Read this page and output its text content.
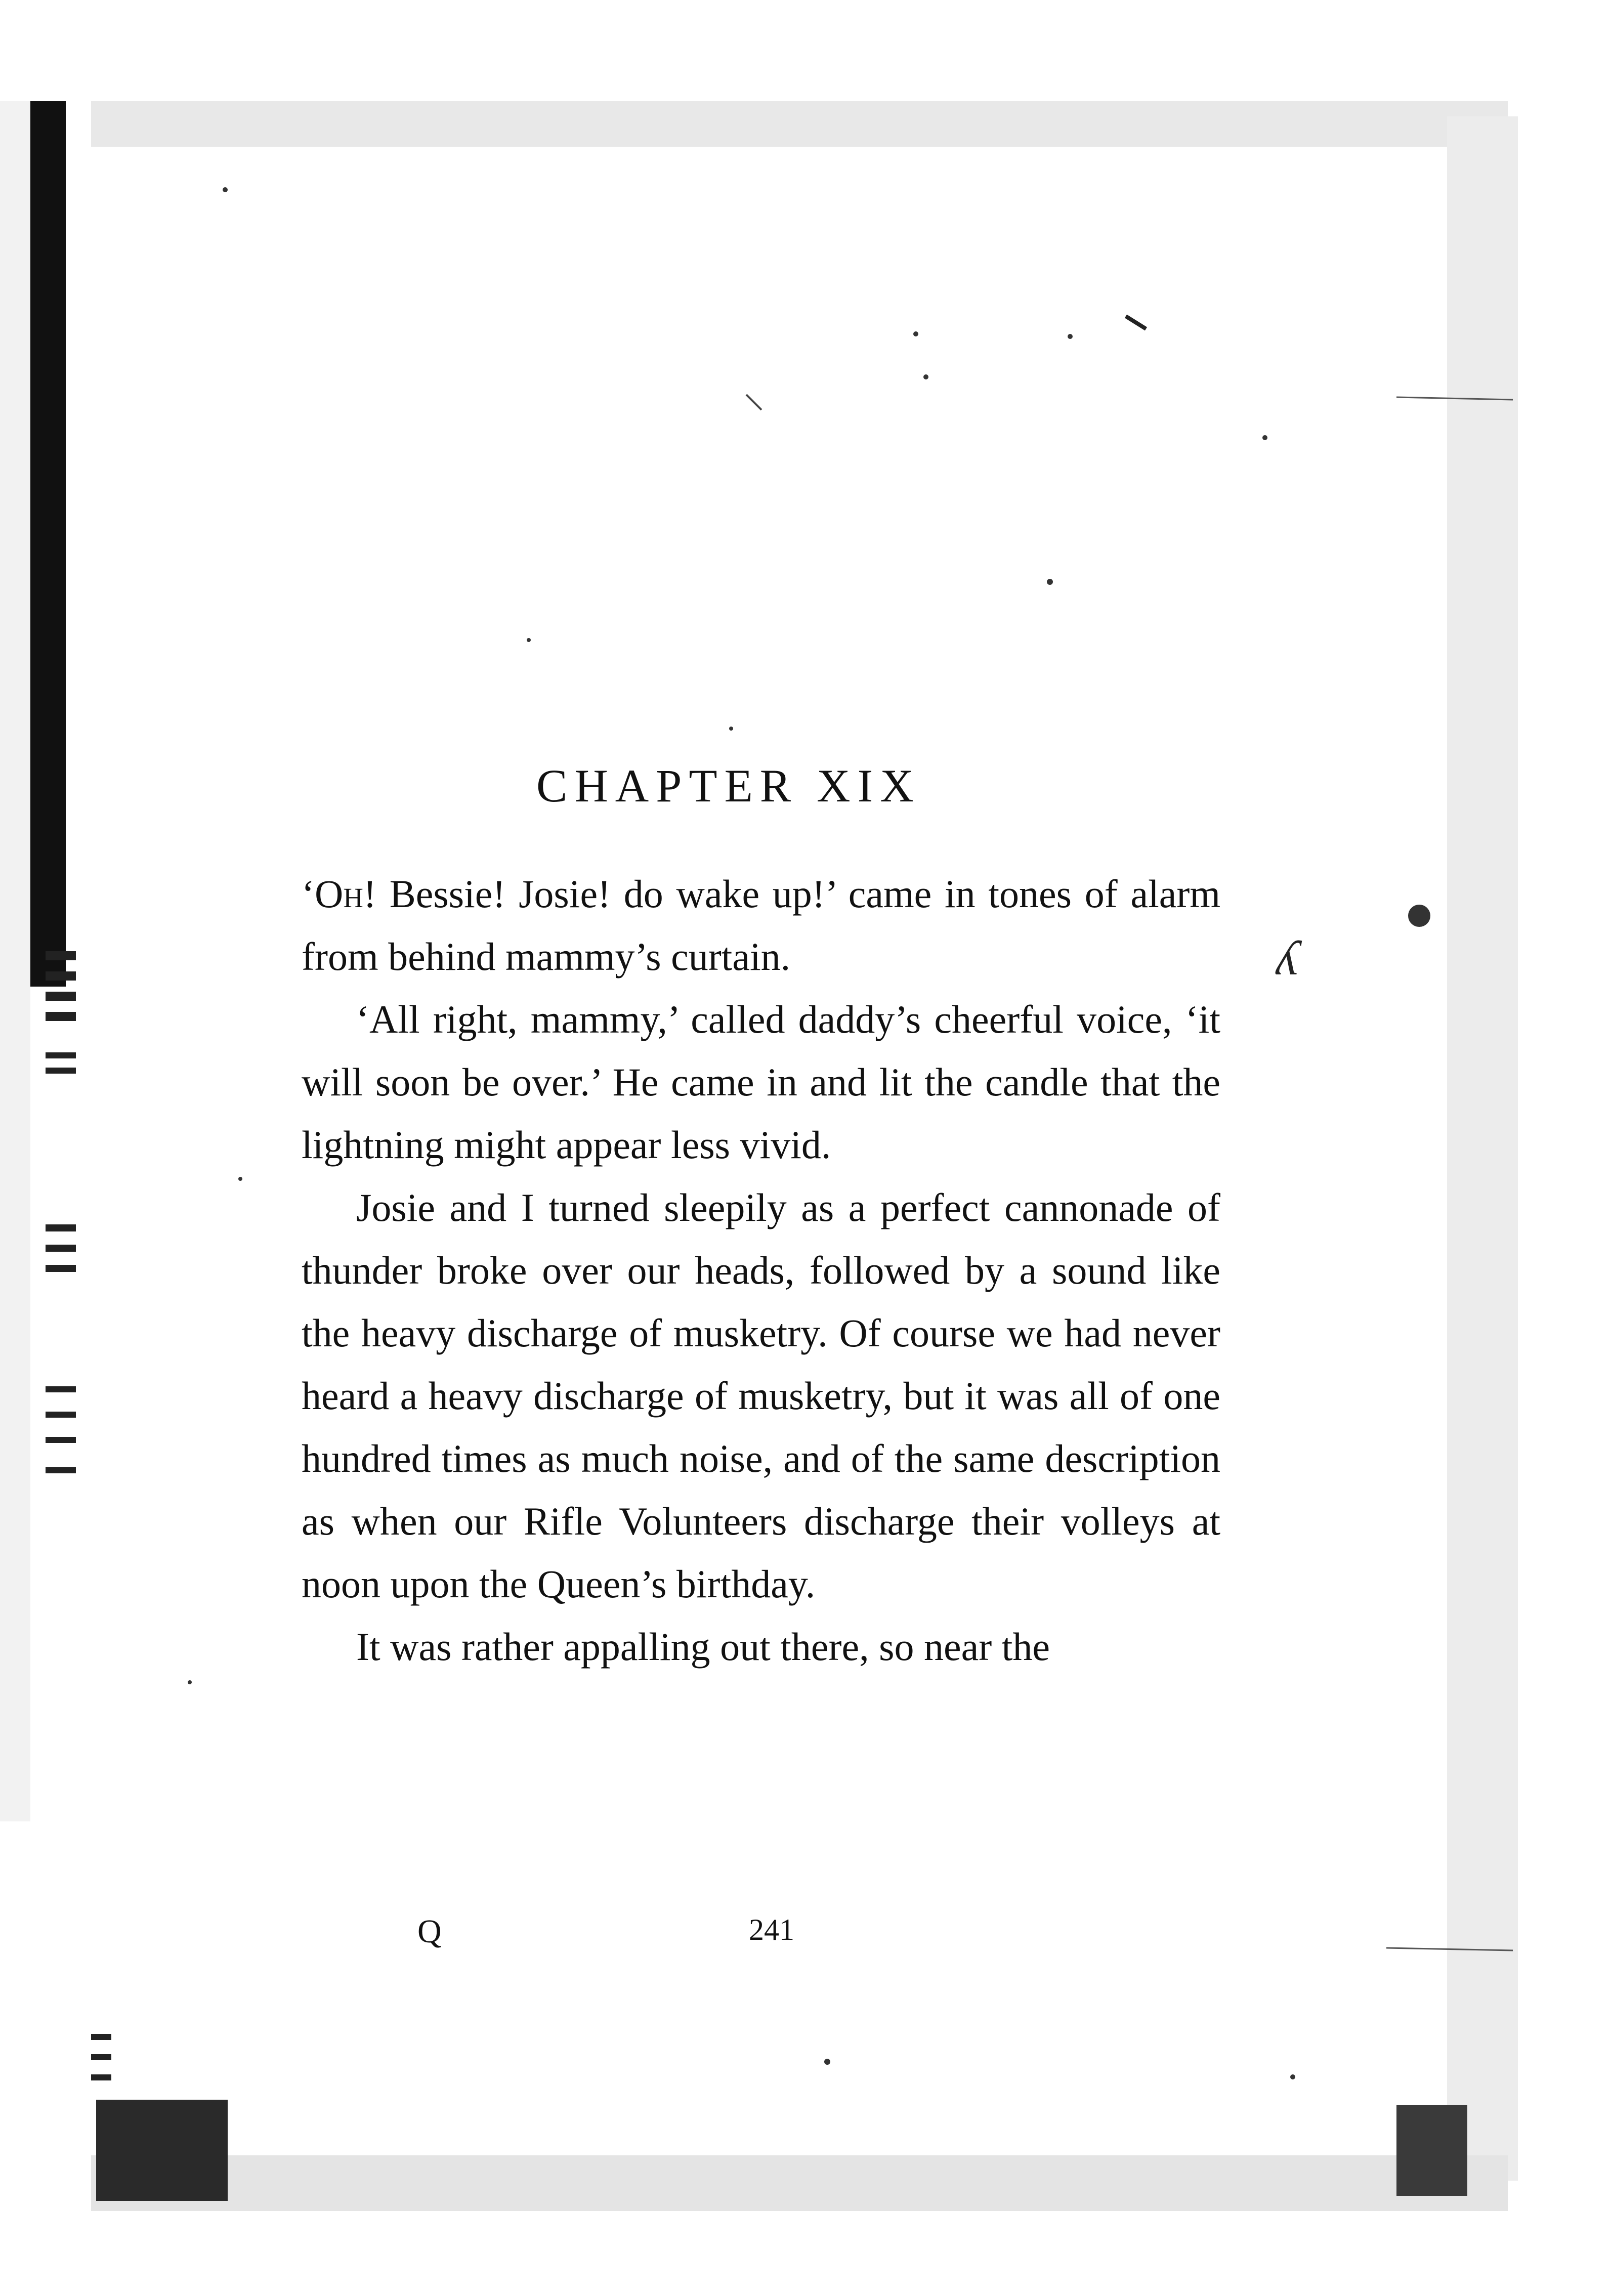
CHAPTER XIX
ʎ

‘Oh! Bessie! Josie! do wake up!’ came in tones of alarm from behind mammy’s curtain.

‘All right, mammy,’ called daddy’s cheerful voice, ‘it will soon be over.’ He came in and lit the candle that the lightning might appear less vivid.

Josie and I turned sleepily as a perfect cannonade of thunder broke over our heads, followed by a sound like the heavy discharge of musketry. Of course we had never heard a heavy discharge of musketry, but it was all of one hundred times as much noise, and of the same description as when our Rifle Volunteers discharge their volleys at noon upon the Queen’s birthday.

It was rather appalling out there, so near the

Q	241
